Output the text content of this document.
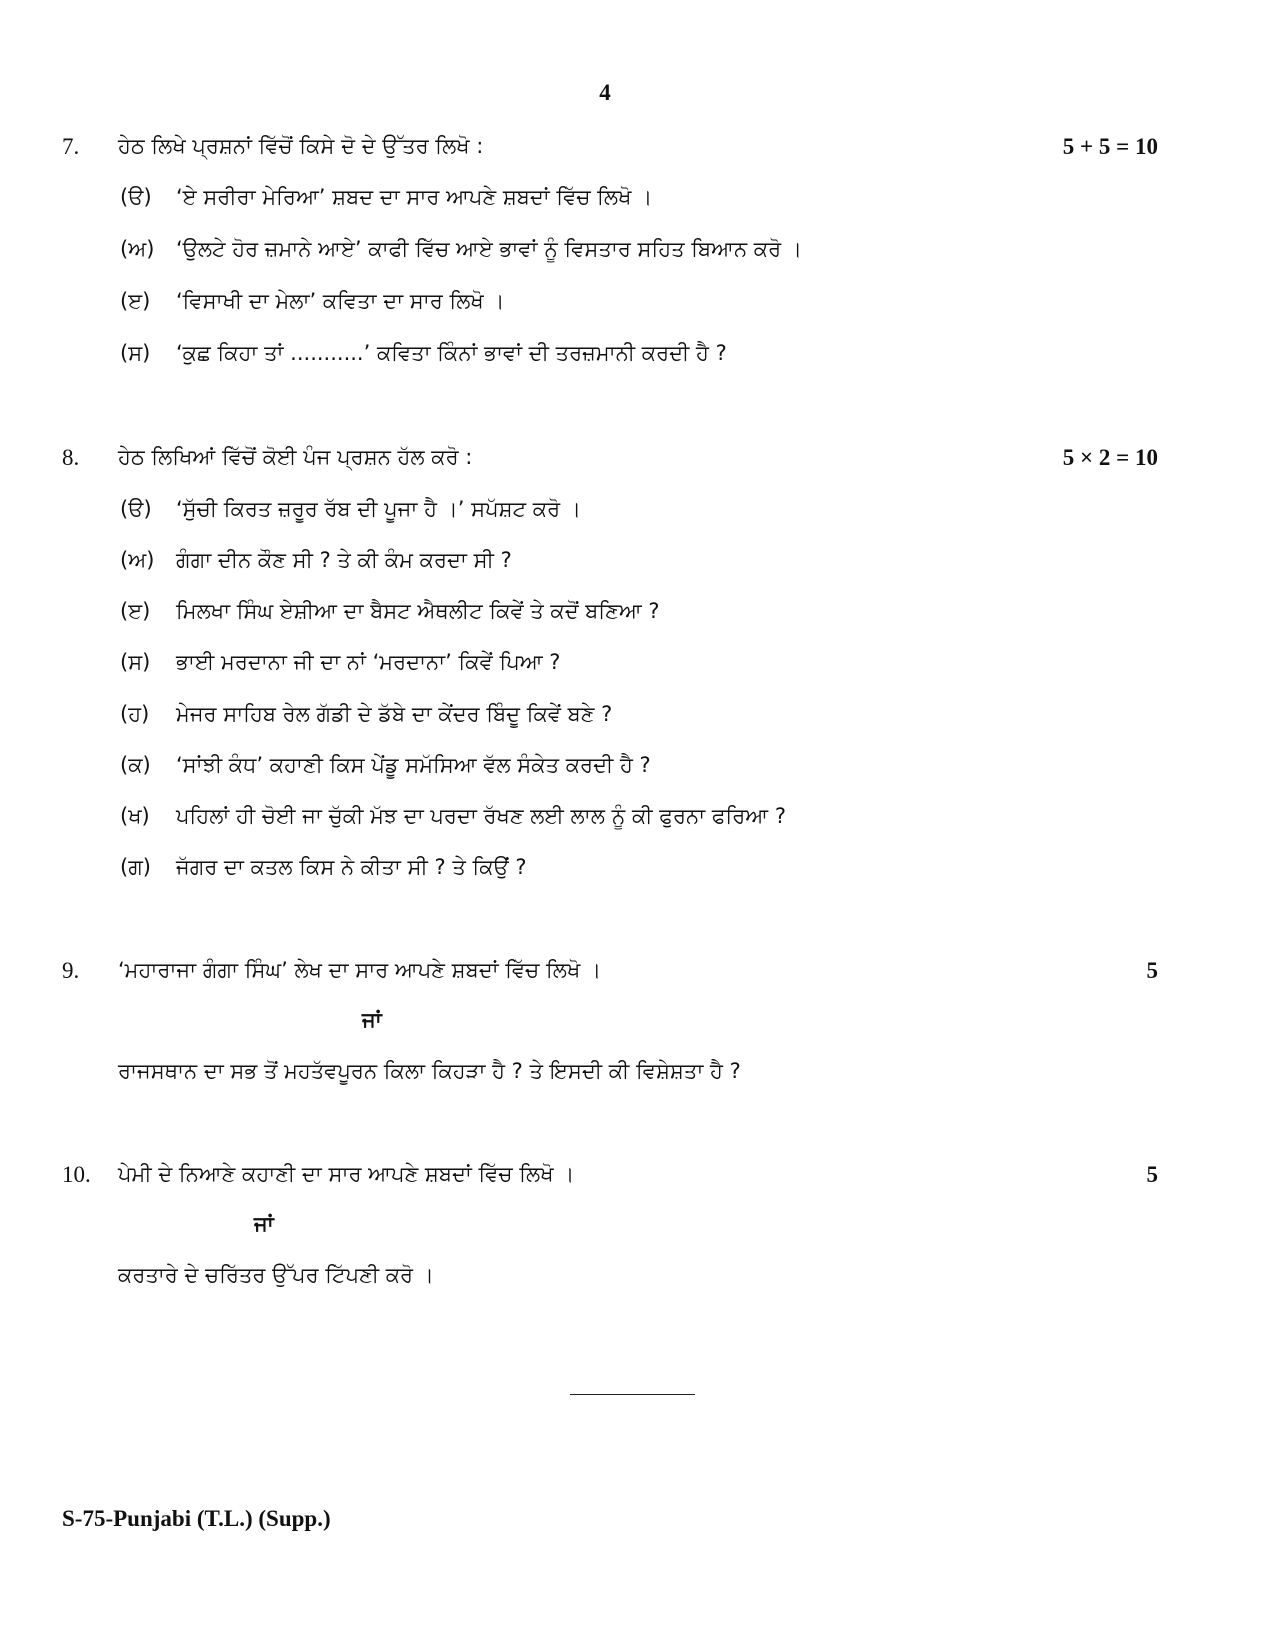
4
7. ਹੇਠ ਲਿਖੇ ਪ੍ਰਸ਼ਨਾਂ ਵਿੱਚੋਂ ਕਿਸੇ ਦੋ ਦੇ ਉੱਤਰ ਲਿਖੋ :	5 + 5 = 10
(ੳ) ‘ਏ ਸਰੀਰਾ ਮੇਰਿਆ’ ਸ਼ਬਦ ਦਾ ਸਾਰ ਆਪਣੇ ਸ਼ਬਦਾਂ ਵਿੱਚ ਲਿਖੋ ।
(ਅ) ‘ਉਲਟੇ ਹੋਰ ਜ਼ਮਾਨੇ ਆਏ’ ਕਾਫੀ ਵਿੱਚ ਆਏ ਭਾਵਾਂ ਨੂੰ ਵਿਸਤਾਰ ਸਹਿਤ ਬਿਆਨ ਕਰੋ ।
(ੲ) ‘ਵਿਸਾਖੀ ਦਾ ਮੇਲਾ’ ਕਵਿਤਾ ਦਾ ਸਾਰ ਲਿਖੋ ।
(ਸ) ‘ਕੁਛ ਕਿਹਾ ਤਾਂ ...........’ ਕਵਿਤਾ ਕਿੰਨਾਂ ਭਾਵਾਂ ਦੀ ਤਰਜ਼ਮਾਨੀ ਕਰਦੀ ਹੈ ?
8. ਹੇਠ ਲਿਖਿਆਂ ਵਿੱਚੋਂ ਕੋਈ ਪੰਜ ਪ੍ਰਸ਼ਨ ਹੱਲ ਕਰੋ :	5 × 2 = 10
(ੳ) ‘ਸੁੱਚੀ ਕਿਰਤ ਜ਼ਰੂਰ ਰੱਬ ਦੀ ਪੂਜਾ ਹੈ ।’ ਸਪੱਸ਼ਟ ਕਰੋ ।
(ਅ) ਗੰਗਾ ਦੀਨ ਕੌਣ ਸੀ ? ਤੇ ਕੀ ਕੰਮ ਕਰਦਾ ਸੀ ?
(ੲ) ਮਿਲਖਾ ਸਿੰਘ ਏਸ਼ੀਆ ਦਾ ਬੈਸਟ ਐਥਲੀਟ ਕਿਵੇਂ ਤੇ ਕਦੋਂ ਬਣਿਆ ?
(ਸ) ਭਾਈ ਮਰਦਾਨਾ ਜੀ ਦਾ ਨਾਂ ‘ਮਰਦਾਨਾ’ ਕਿਵੇਂ ਪਿਆ ?
(ਹ) ਮੇਜਰ ਸਾਹਿਬ ਰੇਲ ਗੱਡੀ ਦੇ ਡੱਬੇ ਦਾ ਕੇਂਦਰ ਬਿੰਦੂ ਕਿਵੇਂ ਬਣੇ ?
(ਕ) ‘ਸਾਂਝੀ ਕੰਧ’ ਕਹਾਣੀ ਕਿਸ ਪੇਂਡੂ ਸਮੱਸਿਆ ਵੱਲ ਸੰਕੇਤ ਕਰਦੀ ਹੈ ?
(ਖ) ਪਹਿਲਾਂ ਹੀ ਚੋਈ ਜਾ ਚੁੱਕੀ ਮੱਝ ਦਾ ਪਰਦਾ ਰੱਖਣ ਲਈ ਲਾਲ ਨੂੰ ਕੀ ਫੁਰਨਾ ਫਰਿਆ ?
(ਗ) ਜੱਗਰ ਦਾ ਕਤਲ ਕਿਸ ਨੇ ਕੀਤਾ ਸੀ ? ਤੇ ਕਿਉਂ ?
9. ‘ਮਹਾਰਾਜਾ ਗੰਗਾ ਸਿੰਘ’ ਲੇਖ ਦਾ ਸਾਰ ਆਪਣੇ ਸ਼ਬਦਾਂ ਵਿੱਚ ਲਿਖੋ ।	5
ਜਾਂ
ਰਾਜਸਥਾਨ ਦਾ ਸਭ ਤੋਂ ਮਹਤੱਵਪੂਰਨ ਕਿਲਾ ਕਿਹੜਾ ਹੈ ? ਤੇ ਇਸਦੀ ਕੀ ਵਿਸ਼ੇਸ਼ਤਾ ਹੈ ?
10. ਪੇਮੀ ਦੇ ਨਿਆਣੇ ਕਹਾਣੀ ਦਾ ਸਾਰ ਆਪਣੇ ਸ਼ਬਦਾਂ ਵਿੱਚ ਲਿਖੋ ।	5
ਜਾਂ
ਕਰਤਾਰੇ ਦੇ ਚਰਿੱਤਰ ਉੱਪਰ ਟਿੱਪਣੀ ਕਰੋ ।
S-75-Punjabi (T.L.) (Supp.)
